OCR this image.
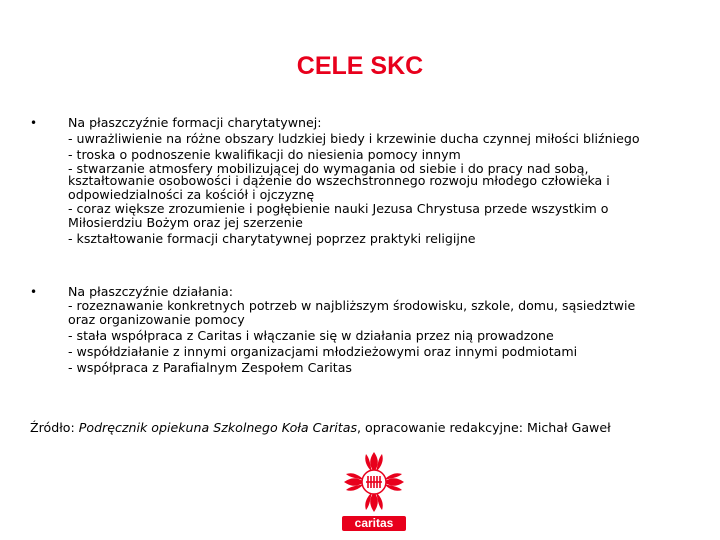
CELE SKC
• Na płaszczyźnie formacji charytatywnej:
- uwrażliwienie na różne obszary ludzkiej biedy i krzewinie ducha czynnej miłości bliźniego
- troska o podnoszenie kwalifikacji do niesienia pomocy innym
- stwarzanie atmosfery mobilizującej do wymagania od siebie i do pracy nad sobą,
kształtowanie osobowości i dążenie do wszechstronnego rozwoju młodego człowieka i
odpowiedzialności za kościół i ojczyznę
- coraz większe zrozumienie i pogłębienie nauki Jezusa Chrystusa przede wszystkim o
Miłosierdziu Bożym oraz jej szerzenie
- kształtowanie formacji charytatywnej poprzez praktyki religijne
• Na płaszczyźnie działania:
- rozeznawanie konkretnych potrzeb w najbliższym środowisku, szkole, domu, sąsiedztwie
oraz organizowanie pomocy
- stała współpraca z Caritas i włączanie się w działania przez nią prowadzone
- współdziałanie z innymi organizacjami młodzieżowymi oraz innymi podmiotami
- współpraca z Parafialnym Zespołem Caritas
Źródło: Podręcznik opiekuna Szkolnego Koła Caritas, opracowanie redakcyjne: Michał Gaweł
caritas
